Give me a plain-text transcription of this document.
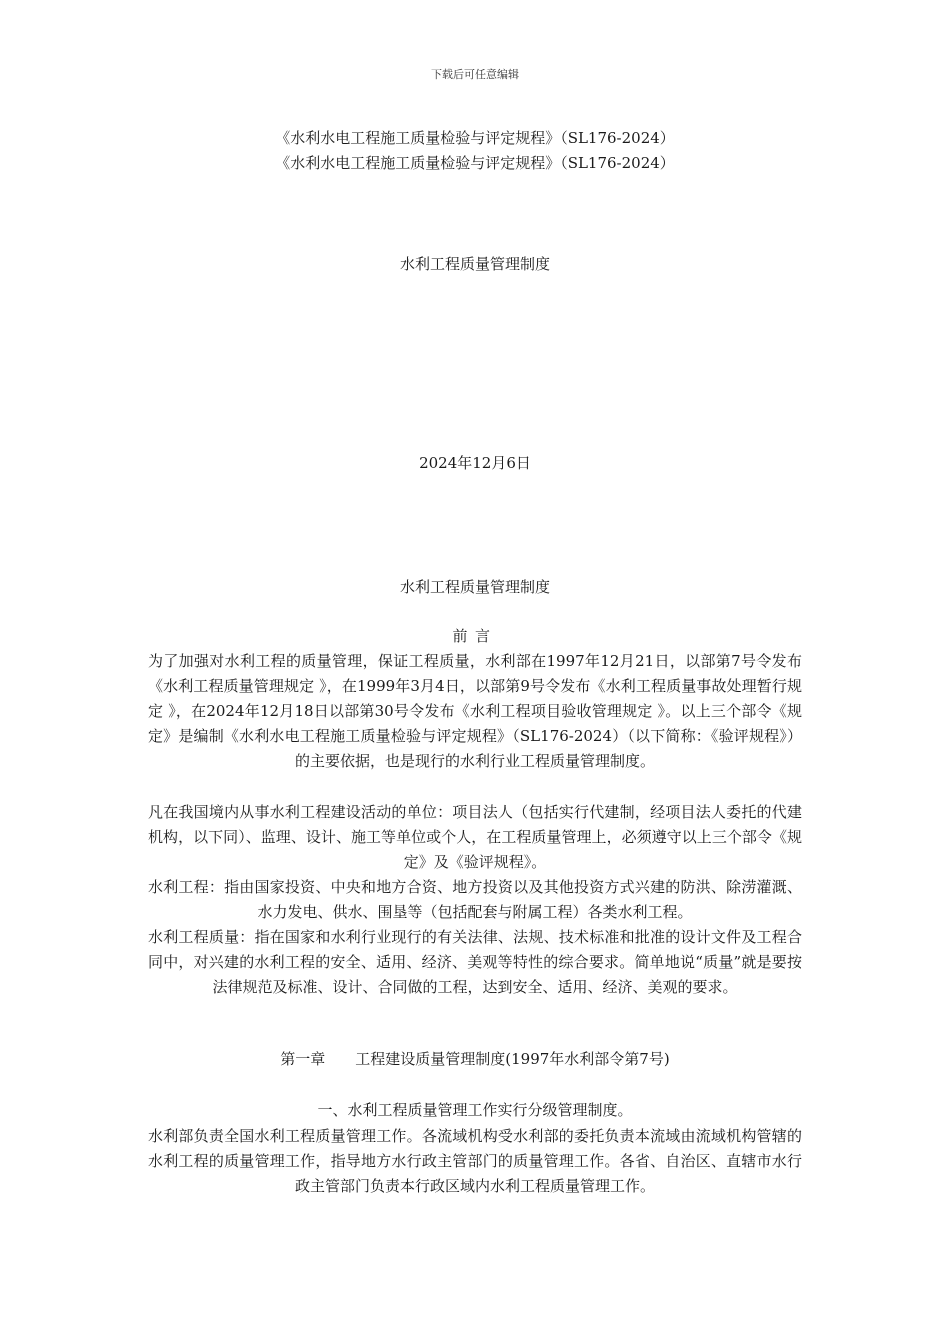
下载后可任意编辑
《水利水电工程施工质量检验与评定规程》（SL176-2024）
《水利水电工程施工质量检验与评定规程》（SL176-2024）
水利工程质量管理制度
2024年12月6日
水利工程质量管理制度
前言
为了加强对水利工程的质量管理，保证工程质量，水利部在1997年12月21日，以部第7号令发布《水利工程质量管理规定 》，在1999年3月4日，以部第9号令发布《水利工程质量事故处理暂行规定 》，在2024年12月18日以部第30号令发布《水利工程项目验收管理规定 》。以上三个部令《规定》是编制《水利水电工程施工质量检验与评定规程》（SL176-2024）（以下简称：《验评规程》）的主要依据，也是现行的水利行业工程质量管理制度。
凡在我国境内从事水利工程建设活动的单位：项目法人（包括实行代建制，经项目法人委托的代建机构，以下同）、监理、设计、施工等单位或个人，在工程质量管理上，必须遵守以上三个部令《规定》及《验评规程》。
水利工程：指由国家投资、中央和地方合资、地方投资以及其他投资方式兴建的防洪、除涝灌溉、水力发电、供水、围垦等（包括配套与附属工程）各类水利工程。
水利工程质量：指在国家和水利行业现行的有关法律、法规、技术标准和批准的设计文件及工程合同中，对兴建的水利工程的安全、适用、经济、美观等特性的综合要求。简单地说“质量”就是要按法律规范及标准、设计、合同做的工程，达到安全、适用、经济、美观的要求。
第一章　　工程建设质量管理制度(1997年水利部令第7号)
一、水利工程质量管理工作实行分级管理制度。
水利部负责全国水利工程质量管理工作。各流域机构受水利部的委托负责本流域由流域机构管辖的水利工程的质量管理工作，指导地方水行政主管部门的质量管理工作。各省、自治区、直辖市水行政主管部门负责本行政区域内水利工程质量管理工作。
